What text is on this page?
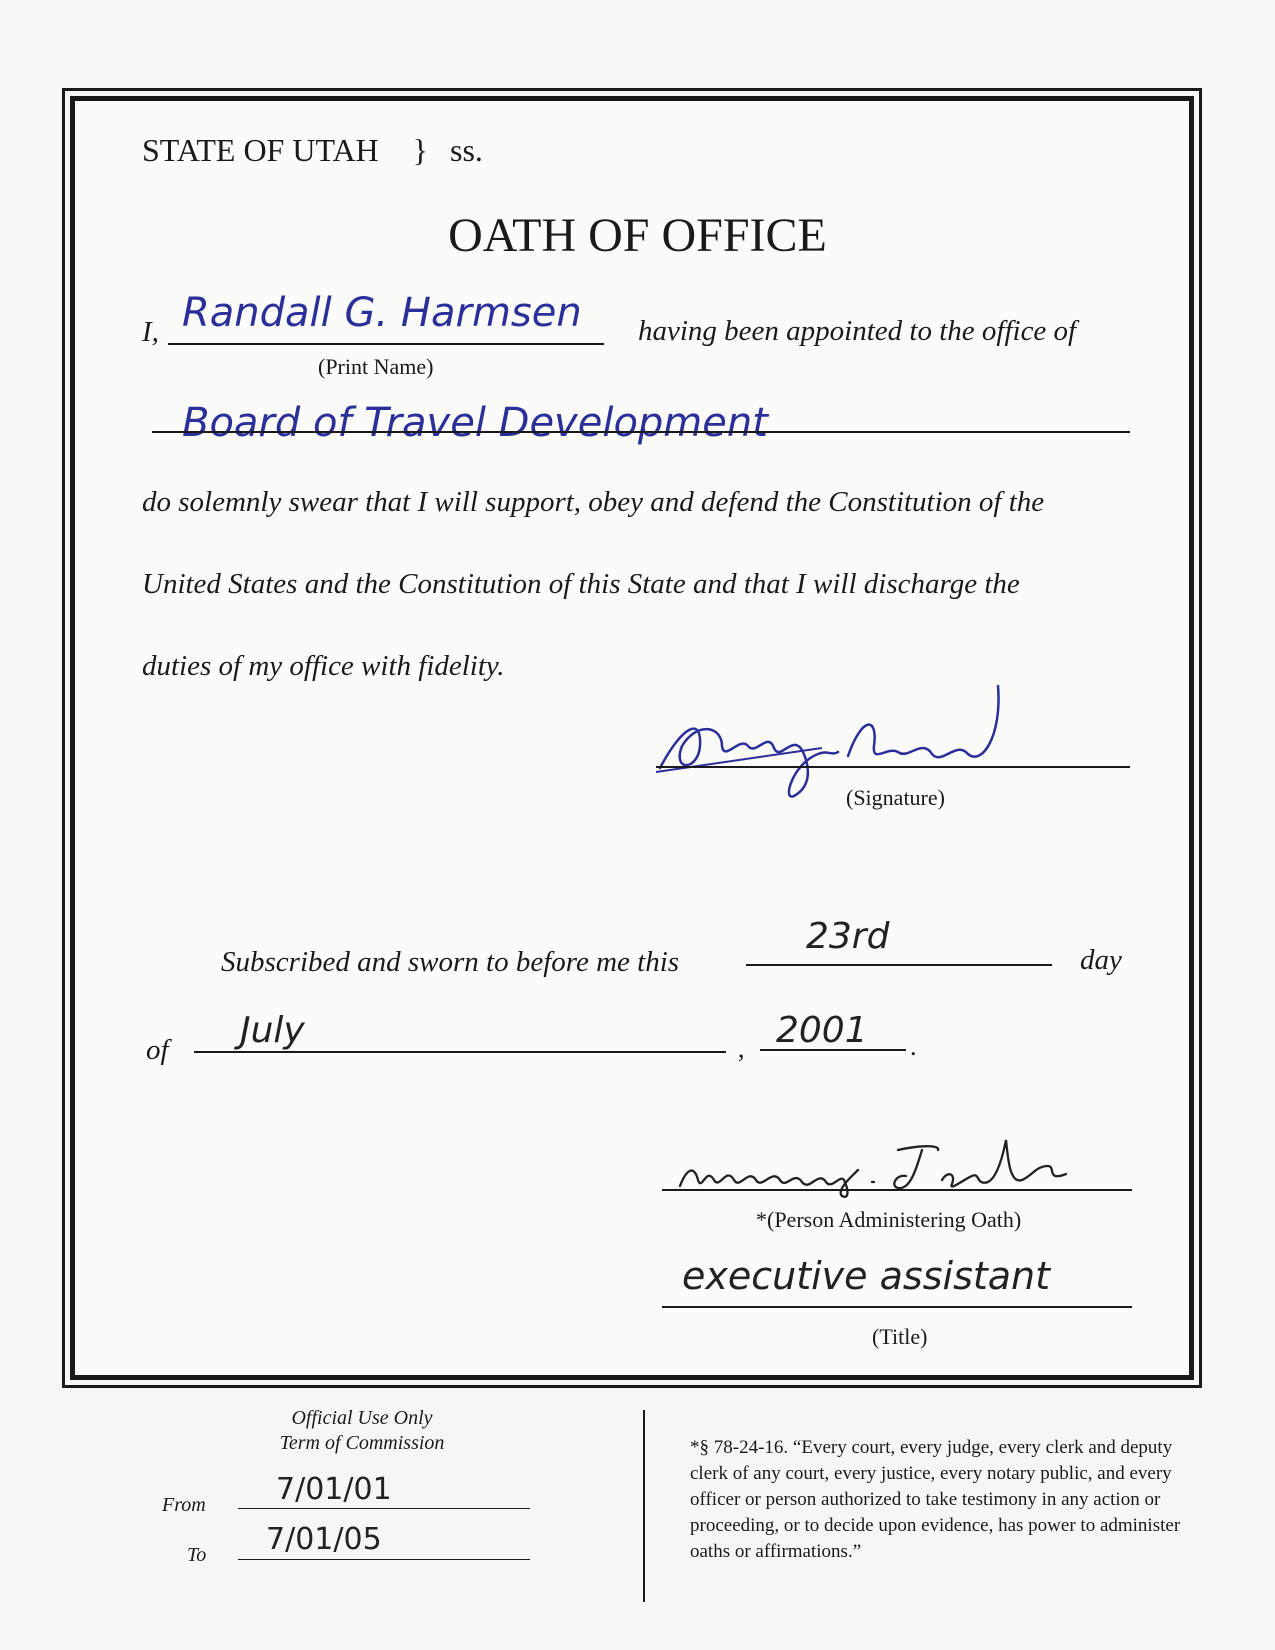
STATE OF UTAH } ss.
OATH OF OFFICE
I, Randall G. Harmsen having been appointed to the office of
(Print Name)
Board of Travel Development
do solemnly swear that I will support, obey and defend the Constitution of the
United States and the Constitution of this State and that I will discharge the
duties of my office with fidelity.
(Signature)
Subscribed and sworn to before me this
23rd
day
of July	, 2001 .
*(Person Administering Oath)
executive assistant
(Title)
Official Use Only
Term of Commission
From 7/01/01
To 7/01/05
*§ 78-24-16. “Every court, every judge, every clerk and deputy clerk of any court, every justice, every notary public, and every officer or person authorized to take testimony in any action or proceeding, or to decide upon evidence, has power to administer oaths or affirmations.”
